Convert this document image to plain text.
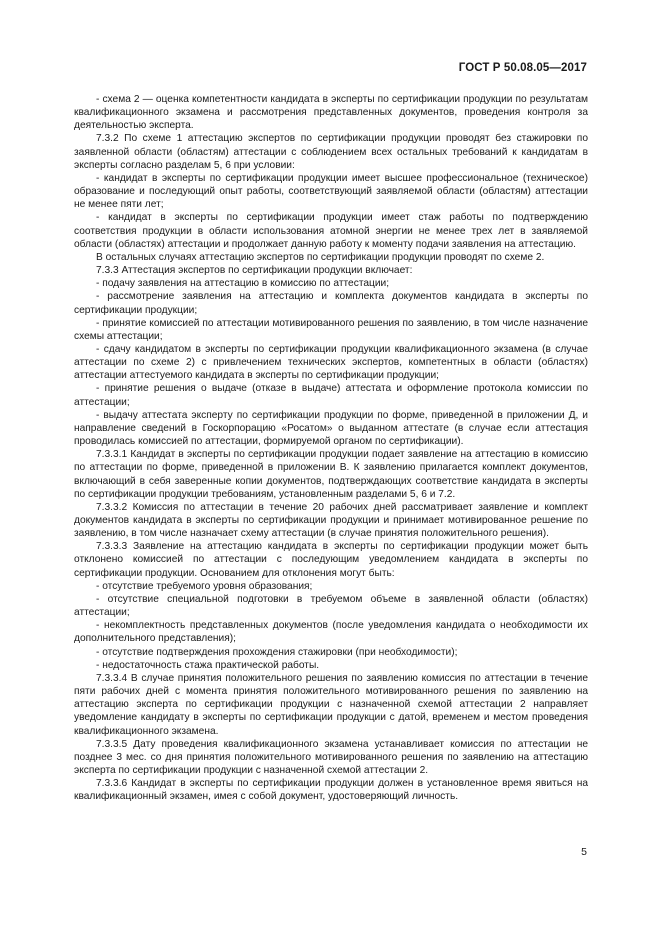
ГОСТ Р 50.08.05—2017

- схема 2 — оценка компетентности кандидата в эксперты по сертификации продукции по результатам квалификационного экзамена и рассмотрения представленных документов, проведения контроля за деятельностью эксперта.

7.3.2 По схеме 1 аттестацию экспертов по сертификации продукции проводят без стажировки по заявленной области (областям) аттестации с соблюдением всех остальных требований к кандидатам в эксперты согласно разделам 5, 6 при условии:

- кандидат в эксперты по сертификации продукции имеет высшее профессиональное (техническое) образование и последующий опыт работы, соответствующий заявляемой области (областям) аттестации не менее пяти лет;

- кандидат в эксперты по сертификации продукции имеет стаж работы по подтверждению соответствия продукции в области использования атомной энергии не менее трех лет в заявляемой области (областях) аттестации и продолжает данную работу к моменту подачи заявления на аттестацию.

В остальных случаях аттестацию экспертов по сертификации продукции проводят по схеме 2.

7.3.3 Аттестация экспертов по сертификации продукции включает:

- подачу заявления на аттестацию в комиссию по аттестации;

- рассмотрение заявления на аттестацию и комплекта документов кандидата в эксперты по сертификации продукции;

- принятие комиссией по аттестации мотивированного решения по заявлению, в том числе назначение схемы аттестации;

- сдачу кандидатом в эксперты по сертификации продукции квалификационного экзамена (в случае аттестации по схеме 2) с привлечением технических экспертов, компетентных в области (областях) аттестации аттестуемого кандидата в эксперты по сертификации продукции;

- принятие решения о выдаче (отказе в выдаче) аттестата и оформление протокола комиссии по аттестации;

- выдачу аттестата эксперту по сертификации продукции по форме, приведенной в приложении Д, и направление сведений в Госкорпорацию «Росатом» о выданном аттестате (в случае если аттестация проводилась комиссией по аттестации, формируемой органом по сертификации).

7.3.3.1 Кандидат в эксперты по сертификации продукции подает заявление на аттестацию в комиссию по аттестации по форме, приведенной в приложении В. К заявлению прилагается комплект документов, включающий в себя заверенные копии документов, подтверждающих соответствие кандидата в эксперты по сертификации продукции требованиям, установленным разделами 5, 6 и 7.2.

7.3.3.2 Комиссия по аттестации в течение 20 рабочих дней рассматривает заявление и комплект документов кандидата в эксперты по сертификации продукции и принимает мотивированное решение по заявлению, в том числе назначает схему аттестации (в случае принятия положительного решения).

7.3.3.3 Заявление на аттестацию кандидата в эксперты по сертификации продукции может быть отклонено комиссией по аттестации с последующим уведомлением кандидата в эксперты по сертификации продукции. Основанием для отклонения могут быть:

- отсутствие требуемого уровня образования;

- отсутствие специальной подготовки в требуемом объеме в заявленной области (областях) аттестации;

- некомплектность представленных документов (после уведомления кандидата о необходимости их дополнительного представления);

- отсутствие подтверждения прохождения стажировки (при необходимости);

- недостаточность стажа практической работы.

7.3.3.4 В случае принятия положительного решения по заявлению комиссия по аттестации в течение пяти рабочих дней с момента принятия положительного мотивированного решения по заявлению на аттестацию эксперта по сертификации продукции с назначенной схемой аттестации 2 направляет уведомление кандидату в эксперты по сертификации продукции с датой, временем и местом проведения квалификационного экзамена.

7.3.3.5 Дату проведения квалификационного экзамена устанавливает комиссия по аттестации не позднее 3 мес. со дня принятия положительного мотивированного решения по заявлению на аттестацию эксперта по сертификации продукции с назначенной схемой аттестации 2.

7.3.3.6 Кандидат в эксперты по сертификации продукции должен в установленное время явиться на квалификационный экзамен, имея с собой документ, удостоверяющий личность.

5
